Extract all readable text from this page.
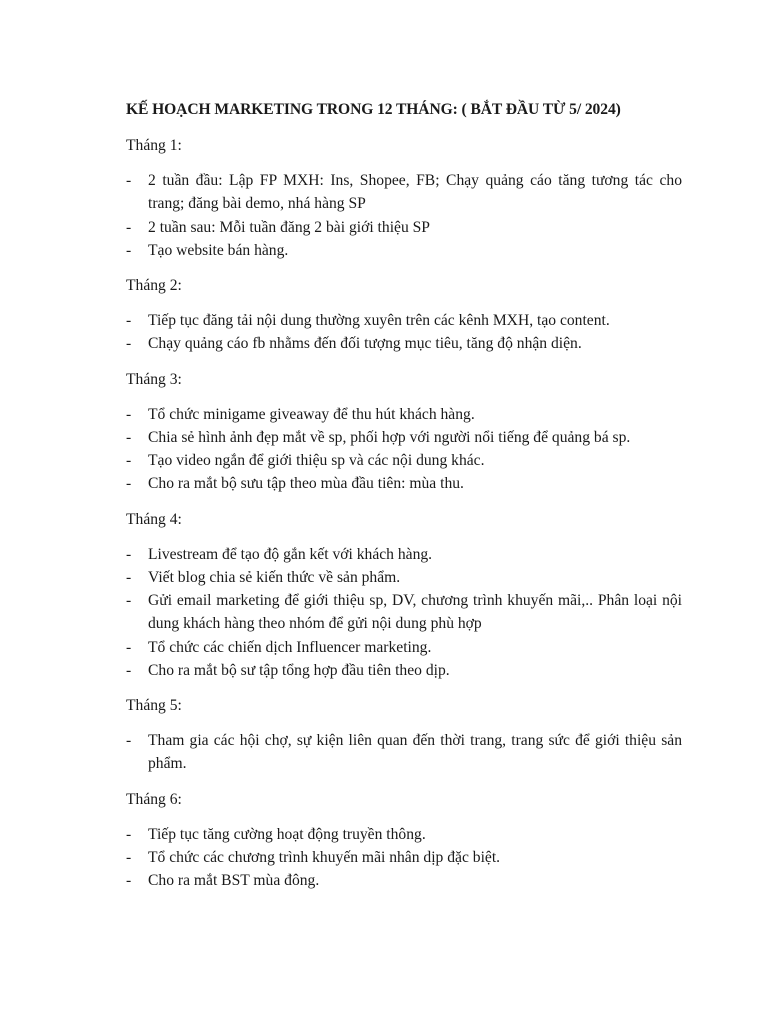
KẾ HOẠCH MARKETING TRONG 12 THÁNG: ( BẮT ĐẦU TỪ 5/ 2024)
Tháng 1:
- 2 tuần đầu: Lập FP MXH: Ins, Shopee, FB; Chạy quảng cáo tăng tương tác cho trang; đăng bài demo, nhá hàng SP
- 2 tuần sau: Mỗi tuần đăng 2 bài giới thiệu SP
- Tạo website bán hàng.
Tháng 2:
- Tiếp tục đăng tải nội dung thường xuyên trên các kênh MXH, tạo content.
- Chạy quảng cáo fb nhằms đến đối tượng mục tiêu, tăng độ nhận diện.
Tháng 3:
- Tổ chức minigame giveaway để thu hút khách hàng.
- Chia sẻ hình ảnh đẹp mắt về sp, phối hợp với người nổi tiếng để quảng bá sp.
- Tạo video ngắn để giới thiệu sp và các nội dung khác.
- Cho ra mắt bộ sưu tập theo mùa đầu tiên: mùa thu.
Tháng 4:
- Livestream để tạo độ gắn kết với khách hàng.
- Viết blog chia sẻ kiến thức về sản phẩm.
- Gửi email marketing để giới thiệu sp, DV, chương trình khuyến mãi,.. Phân loại nội dung khách hàng theo nhóm để gửi nội dung phù hợp
- Tổ chức các chiến dịch Influencer marketing.
- Cho ra mắt bộ sư tập tổng hợp đầu tiên theo dịp.
Tháng 5:
- Tham gia các hội chợ, sự kiện liên quan đến thời trang, trang sức để giới thiệu sản phẩm.
Tháng 6:
- Tiếp tục tăng cường hoạt động truyền thông.
- Tổ chức các chương trình khuyến mãi nhân dịp đặc biệt.
- Cho ra mắt BST mùa đông.
